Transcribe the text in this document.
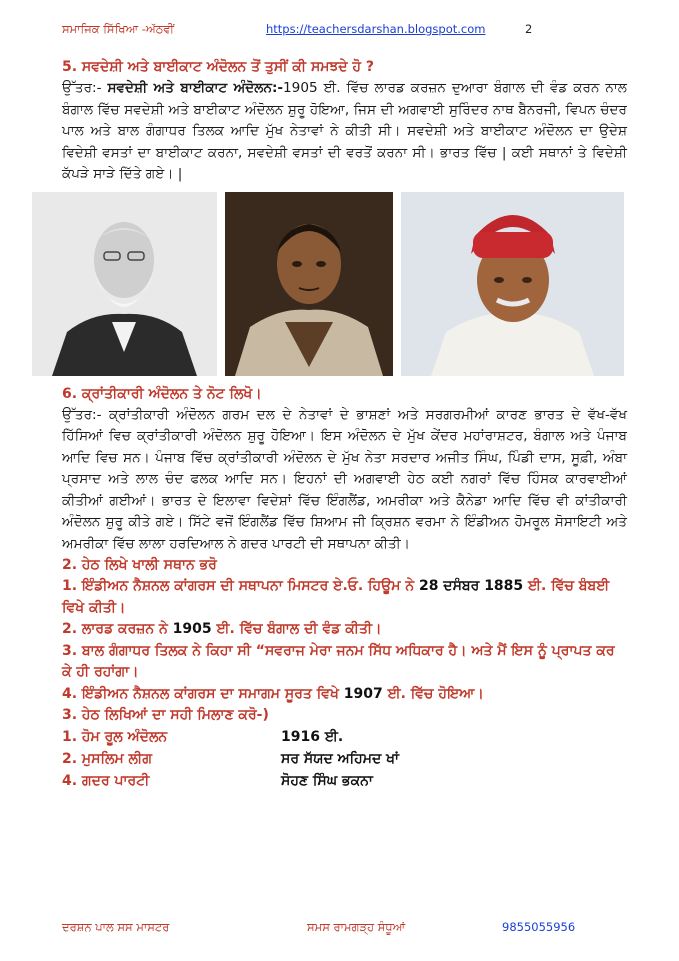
ਸਮਾਜਿਕ ਸਿੱਖਿਆ -ਅੱਠਵੀਂ	https://teachersdarshan.blogspot.com	2
5. ਸਵਦੇਸ਼ੀ ਅਤੇ ਬਾਈਕਾਟ ਅੰਦੋਲਨ ਤੋਂ ਤੁਸੀਂ ਕੀ ਸਮਝਦੇ ਹੋ ?
ਉੱਤਰ:- ਸਵਦੇਸ਼ੀ ਅਤੇ ਬਾਈਕਾਟ ਅੰਦੋਲਨ:-1905 ਈ. ਵਿੱਚ ਲਾਰਡ ਕਰਜ਼ਨ ਦੁਆਰਾ ਬੰਗਾਲ ਦੀ ਵੰਡ ਕਰਨ ਨਾਲ ਬੰਗਾਲ ਵਿੱਚ ਸਵਦੇਸ਼ੀ ਅਤੇ ਬਾਈਕਾਟ ਅੰਦੋਲਨ ਸ਼ੁਰੂ ਹੋਇਆ, ਜਿਸ ਦੀ ਅਗਵਾਈ ਸੁਰਿੰਦਰ ਨਾਥ ਬੈਨਰਜੀ, ਵਿਪਨ ਚੰਦਰ ਪਾਲ ਅਤੇ ਬਾਲ ਗੰਗਾਧਰ ਤਿਲਕ ਆਦਿ ਮੁੱਖ ਨੇਤਾਵਾਂ ਨੇ ਕੀਤੀ ਸੀ। ਸਵਦੇਸ਼ੀ ਅਤੇ ਬਾਈਕਾਟ ਅੰਦੋਲਨ ਦਾ ਉਦੇਸ਼ ਵਿਦੇਸ਼ੀ ਵਸਤਾਂ ਦਾ ਬਾਈਕਾਟ ਕਰਨਾ, ਸਵਦੇਸ਼ੀ ਵਸਤਾਂ ਦੀ ਵਰਤੋਂ ਕਰਨਾ ਸੀ। ਭਾਰਤ ਵਿੱਚ | ਕਈ ਸਥਾਨਾਂ ਤੇ ਵਿਦੇਸ਼ੀ ਕੱਪੜੇ ਸਾੜੇ ਦਿੱਤੇ ਗਏ। |
6. ਕ੍ਰਾਂਤੀਕਾਰੀ ਅੰਦੋਲਨ ਤੇ ਨੋਟ ਲਿਖੋ।
ਉੱਤਰ:- ਕ੍ਰਾਂਤੀਕਾਰੀ ਅੰਦੋਲਨ ਗਰਮ ਦਲ ਦੇ ਨੇਤਾਵਾਂ ਦੇ ਭਾਸ਼ਣਾਂ ਅਤੇ ਸਰਗਰਮੀਆਂ ਕਾਰਣ ਭਾਰਤ ਦੇ ਵੱਖ-ਵੱਖ ਹਿੱਸਿਆਂ ਵਿਚ ਕ੍ਰਾਂਤੀਕਾਰੀ ਅੰਦੋਲਨ ਸ਼ੁਰੂ ਹੋਇਆ। ਇਸ ਅੰਦੋਲਨ ਦੇ ਮੁੱਖ ਕੇਂਦਰ ਮਹਾਂਰਾਸ਼ਟਰ, ਬੰਗਾਲ ਅਤੇ ਪੰਜਾਬ ਆਦਿ ਵਿਚ ਸਨ। ਪੰਜਾਬ ਵਿੱਚ ਕ੍ਰਾਂਤੀਕਾਰੀ ਅੰਦੋਲਨ ਦੇ ਮੁੱਖ ਨੇਤਾ ਸਰਦਾਰ ਅਜੀਤ ਸਿੰਘ, ਪਿੰਡੀ ਦਾਸ, ਸੂਫ਼ੀ, ਅੰਬਾ ਪ੍ਰਸਾਦ ਅਤੇ ਲਾਲ ਚੰਦ ਫਲਕ ਆਦਿ ਸਨ। ਇਹਨਾਂ ਦੀ ਅਗਵਾਈ ਹੇਠ ਕਈ ਨਗਰਾਂ ਵਿੱਚ ਹਿੰਸਕ ਕਾਰਵਾਈਆਂ ਕੀਤੀਆਂ ਗਈਆਂ। ਭਾਰਤ ਦੇ ਇਲਾਵਾ ਵਿਦੇਸ਼ਾਂ ਵਿੱਚ ਇੰਗਲੈਂਡ, ਅਮਰੀਕਾ ਅਤੇ ਕੈਨੇਡਾ ਆਦਿ ਵਿੱਚ ਵੀ ਕਾਂਤੀਕਾਰੀ ਅੰਦੋਲਨ ਸ਼ੁਰੂ ਕੀਤੇ ਗਏ। ਸਿੱਟੇ ਵਜੋਂ ਇੰਗਲੈਂਡ ਵਿੱਚ ਸ਼ਿਆਮ ਜੀ ਕ੍ਰਿਸ਼ਨ ਵਰਮਾ ਨੇ ਇੰਡੀਅਨ ਹੋਮਰੂਲ ਸੋਸਾਇਟੀ ਅਤੇ ਅਮਰੀਕਾ ਵਿੱਚ ਲਾਲਾ ਹਰਦਿਆਲ ਨੇ ਗਦਰ ਪਾਰਟੀ ਦੀ ਸਥਾਪਨਾ ਕੀਤੀ।
2. ਹੇਠ ਲਿਖੇ ਖਾਲੀ ਸਥਾਨ ਭਰੋ
1. ਇੰਡੀਅਨ ਨੈਸ਼ਨਲ ਕਾਂਗਰਸ ਦੀ ਸਥਾਪਨਾ ਮਿਸਟਰ ਏ.ਓ. ਹਿਊਮ ਨੇ 28 ਦਸੰਬਰ 1885 ਈ. ਵਿੱਚ ਬੰਬਈ ਵਿਖੇ ਕੀਤੀ।
2. ਲਾਰਡ ਕਰਜ਼ਨ ਨੇ 1905 ਈ. ਵਿੱਚ ਬੰਗਾਲ ਦੀ ਵੰਡ ਕੀਤੀ।
3. ਬਾਲ ਗੰਗਾਧਰ ਤਿਲਕ ਨੇ ਕਿਹਾ ਸੀ “ਸਵਰਾਜ ਮੇਰਾ ਜਨਮ ਸਿੱਧ ਅਧਿਕਾਰ ਹੈ। ਅਤੇ ਮੈਂ ਇਸ ਨੂੰ ਪ੍ਰਾਪਤ ਕਰ ਕੇ ਹੀ ਰਹਾਂਗਾ।
4. ਇੰਡੀਅਨ ਨੈਸ਼ਨਲ ਕਾਂਗਰਸ ਦਾ ਸਮਾਗਮ ਸੂਰਤ ਵਿਖੇ 1907 ਈ. ਵਿੱਚ ਹੋਇਆ।
3. ਹੇਠ ਲਿਖਿਆਂ ਦਾ ਸਹੀ ਮਿਲਾਣ ਕਰੋ-)
1. ਹੋਮ ਰੂਲ ਅੰਦੋਲਨ	1916 ਈ.
2. ਮੁਸਲਿਮ ਲੀਗ	ਸਰ ਸੱਯਦ ਅਹਿਮਦ ਖਾਂ
4. ਗਦਰ ਪਾਰਟੀ	ਸੋਹਣ ਸਿੰਘ ਭਕਨਾ
ਦਰਸ਼ਨ ਪਾਲ ਸਸ ਮਾਸਟਰ	ਸਮਸ ਰਾਮਗੜ੍ਹ ਸੰਧੂਆਂ	9855055956
